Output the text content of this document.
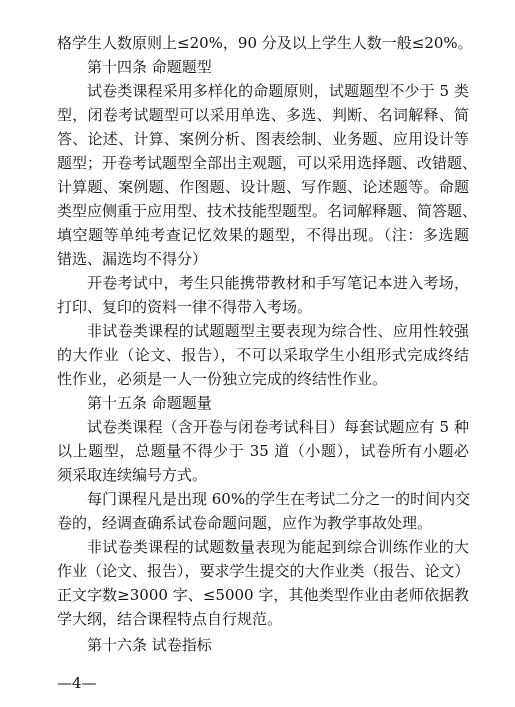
格学生人数原则上≤20%，90 分及以上学生人数一般≤20%。
第十四条 命题题型
试卷类课程采用多样化的命题原则，试题题型不少于 5 类
型，闭卷考试题型可以采用单选、多选、判断、名词解释、简
答、论述、计算、案例分析、图表绘制、业务题、应用设计等
题型；开卷考试题型全部出主观题，可以采用选择题、改错题、
计算题、案例题、作图题、设计题、写作题、论述题等。命题
类型应侧重于应用型、技术技能型题型。名词解释题、简答题、
填空题等单纯考查记忆效果的题型，不得出现。（注：多选题
错选、漏选均不得分）
开卷考试中，考生只能携带教材和手写笔记本进入考场，
打印、复印的资料一律不得带入考场。
非试卷类课程的试题题型主要表现为综合性、应用性较强
的大作业（论文、报告），不可以采取学生小组形式完成终结
性作业，必须是一人一份独立完成的终结性作业。
第十五条 命题题量
试卷类课程（含开卷与闭卷考试科目）每套试题应有 5 种
以上题型，总题量不得少于 35 道（小题），试卷所有小题必
须采取连续编号方式。
每门课程凡是出现 60%的学生在考试二分之一的时间内交
卷的，经调查确系试卷命题问题，应作为教学事故处理。
非试卷类课程的试题数量表现为能起到综合训练作业的大
作业（论文、报告），要求学生提交的大作业类（报告、论文）
正文字数≥3000 字、≤5000 字，其他类型作业由老师依据教
学大纲，结合课程特点自行规范。
—4—
第十六条 试卷指标
